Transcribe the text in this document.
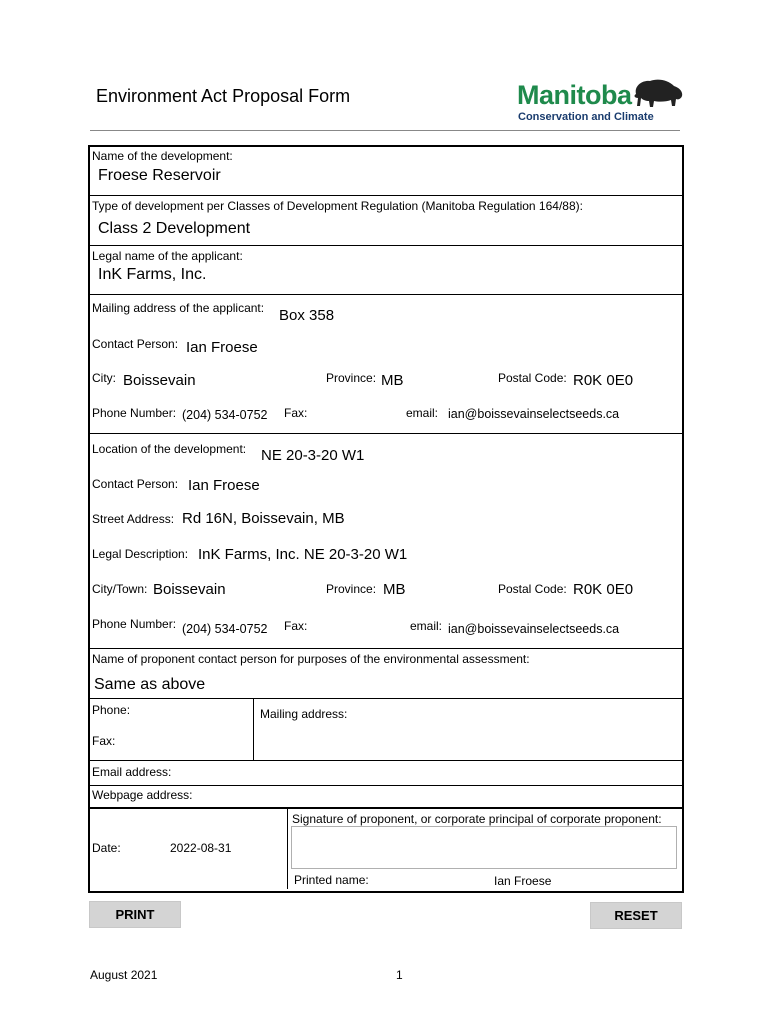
Environment Act Proposal Form	Manitoba
Conservation and Climate
Name of the development:
Froese Reservoir
Type of development per Classes of Development Regulation (Manitoba Regulation 164/88):
Class 2 Development
Legal name of the applicant:
InK Farms, Inc.
Mailing address of the applicant: Box 358
Contact Person: Ian Froese
City: Boissevain	Province: MB	Postal Code: R0K 0E0
Phone Number: (204) 534-0752 Fax:	email: ian@boissevainselectseeds.ca
Location of the development: NE 20-3-20 W1
Contact Person: Ian Froese
Street Address: Rd 16N, Boissevain, MB
Legal Description: InK Farms, Inc. NE 20-3-20 W1
City/Town: Boissevain	Province: MB	Postal Code: R0K 0E0
Phone Number: (204) 534-0752 Fax:	email: ian@boissevainselectseeds.ca
Name of proponent contact person for purposes of the environmental assessment:
Same as above
Phone:	Mailing address:
Fax:
Email address:
Webpage address:
Date:	2022-08-31
Signature of proponent, or corporate principal of corporate proponent:
Printed name:	Ian Froese
PRINT	RESET
August 2021	1
